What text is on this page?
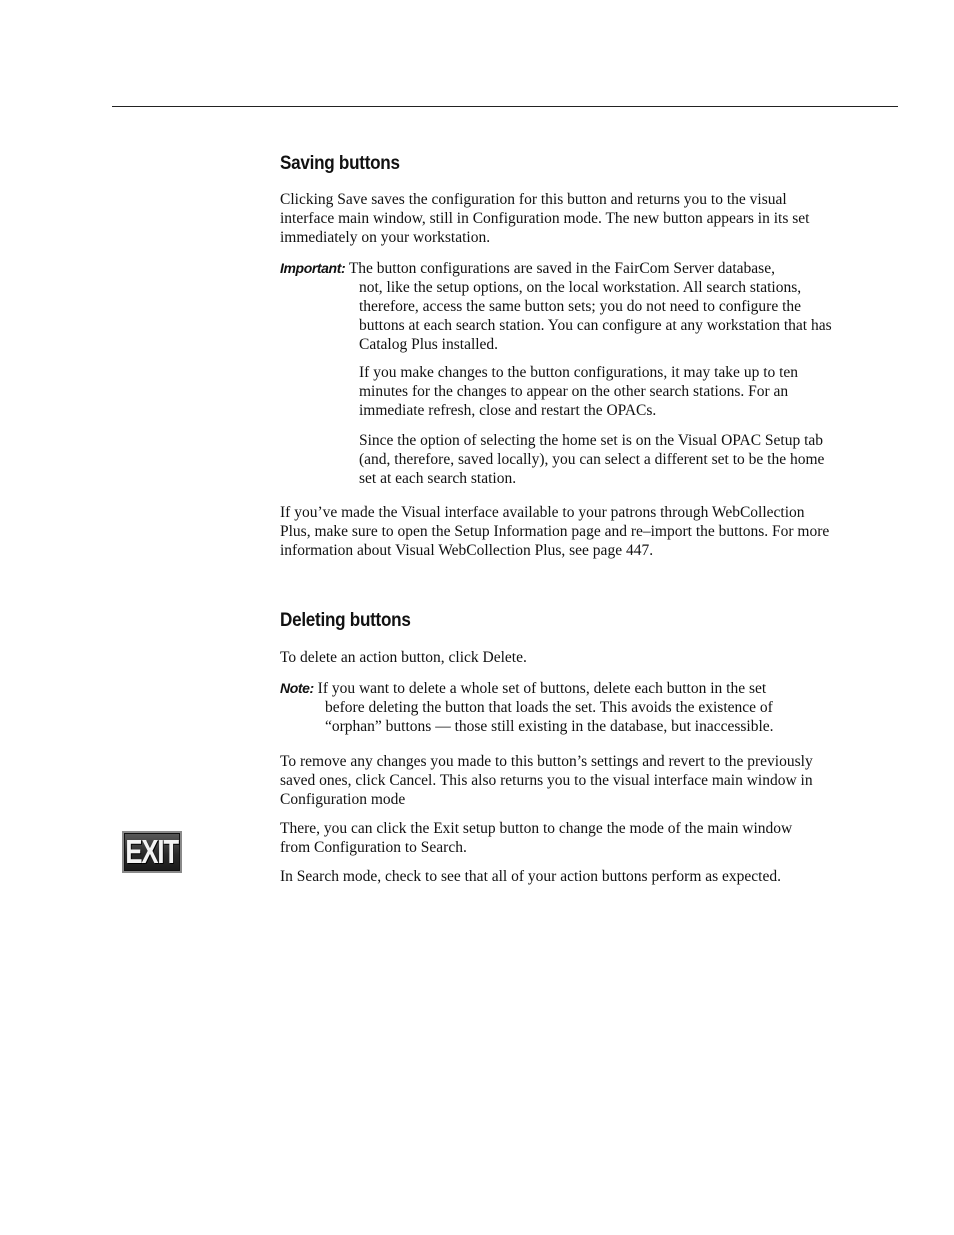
Saving buttons

Clicking Save saves the configuration for this button and returns you to the visual interface main window, still in Configuration mode. The new button appears in its set immediately on your workstation.

Important: The button configurations are saved in the FairCom Server database,

not, like the setup options, on the local workstation. All search stations, therefore, access the same button sets; you do not need to configure the buttons at each search station. You can configure at any workstation that has Catalog Plus installed.

If you make changes to the button configurations, it may take up to ten minutes for the changes to appear on the other search stations. For an immediate refresh, close and restart the OPACs.

Since the option of selecting the home set is on the Visual OPAC Setup tab (and, therefore, saved locally), you can select a different set to be the home set at each search station.

If you’ve made the Visual interface available to your patrons through WebCollection Plus, make sure to open the Setup Information page and re–import the buttons. For more information about Visual WebCollection Plus, see page 447.

Deleting buttons

To delete an action button, click Delete.

Note: If you want to delete a whole set of buttons, delete each button in the set

before deleting the button that loads the set. This avoids the existence of “orphan” buttons — those still existing in the database, but inaccessible.

To remove any changes you made to this button’s settings and revert to the previously saved ones, click Cancel. This also returns you to the visual interface main window in Configuration mode

EXIT

There, you can click the Exit setup button to change the mode of the main window from Configuration to Search.

In Search mode, check to see that all of your action buttons perform as expected.
